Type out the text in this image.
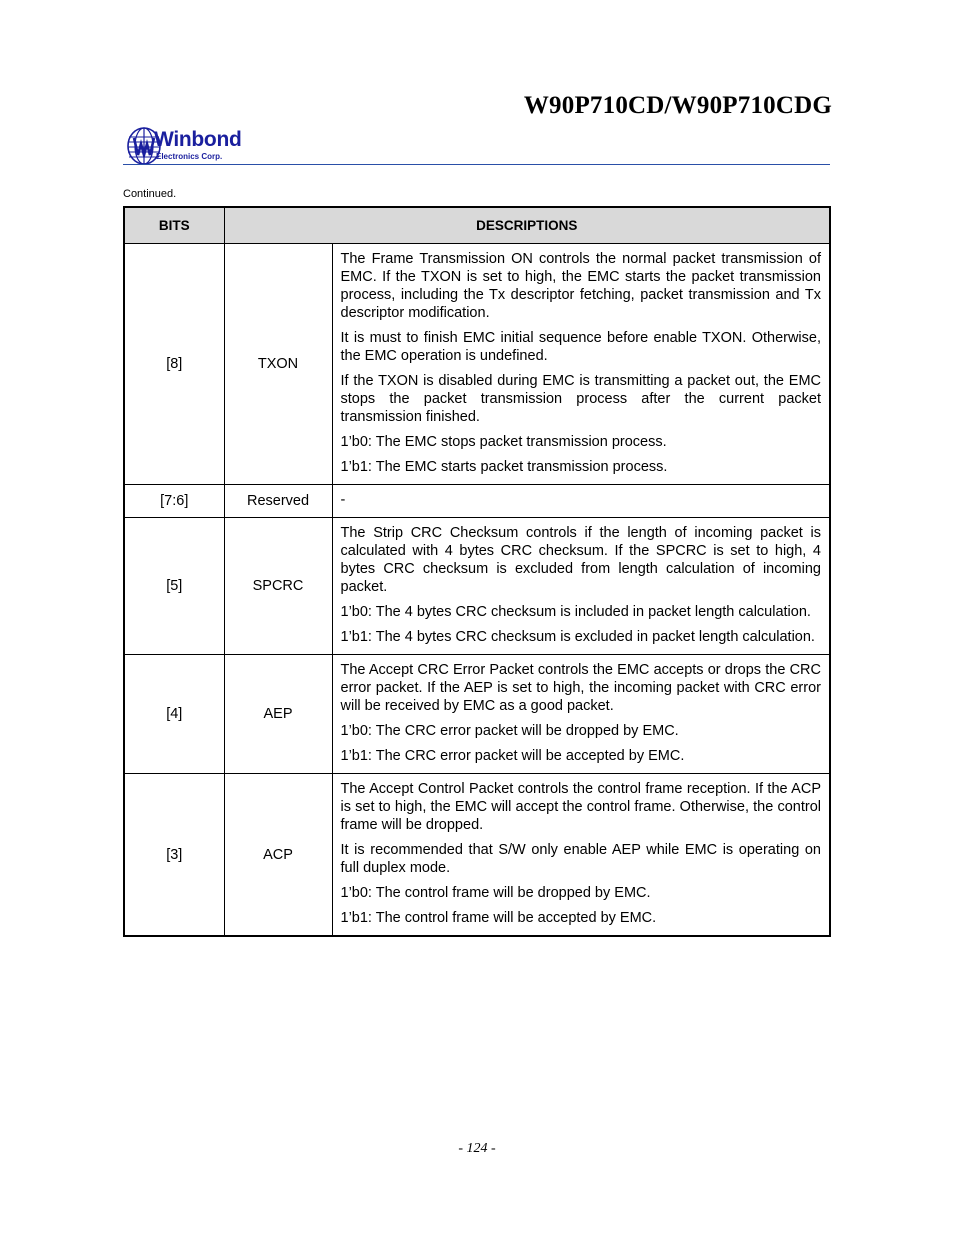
W90P710CD/W90P710CDG
Winbond
Electronics Corp.
Continued.
BITS	DESCRIPTIONS	
[8]	TXON	The Frame Transmission ON controls the normal packet transmission of EMC. If the TXON is set to high, the EMC starts the packet transmission process, including the Tx descriptor fetching, packet transmission and Tx descriptor modification.

It is must to finish EMC initial sequence before enable TXON. Otherwise, the EMC operation is undefined.

If the TXON is disabled during EMC is transmitting a packet out, the EMC stops the packet transmission process after the current packet transmission finished.

1’b0: The EMC stops packet transmission process.

1’b1: The EMC starts packet transmission process.

[7:6]	Reserved	-

[5]	SPCRC	The Strip CRC Checksum controls if the length of incoming packet is calculated with 4 bytes CRC checksum. If the SPCRC is set to high, 4 bytes CRC checksum is excluded from length calculation of incoming packet.

1’b0: The 4 bytes CRC checksum is included in packet length calculation.

1’b1: The 4 bytes CRC checksum is excluded in packet length calculation.

[4]	AEP	The Accept CRC Error Packet controls the EMC accepts or drops the CRC error packet. If the AEP is set to high, the incoming packet with CRC error will be received by EMC as a good packet.

1’b0: The CRC error packet will be dropped by EMC.

1’b1: The CRC error packet will be accepted by EMC.

[3]	ACP	The Accept Control Packet controls the control frame reception. If the ACP is set to high, the EMC will accept the control frame. Otherwise, the control frame will be dropped.

It is recommended that S/W only enable AEP while EMC is operating on full duplex mode.

1’b0: The control frame will be dropped by EMC.

1’b1: The control frame will be accepted by EMC.

- 124 -
